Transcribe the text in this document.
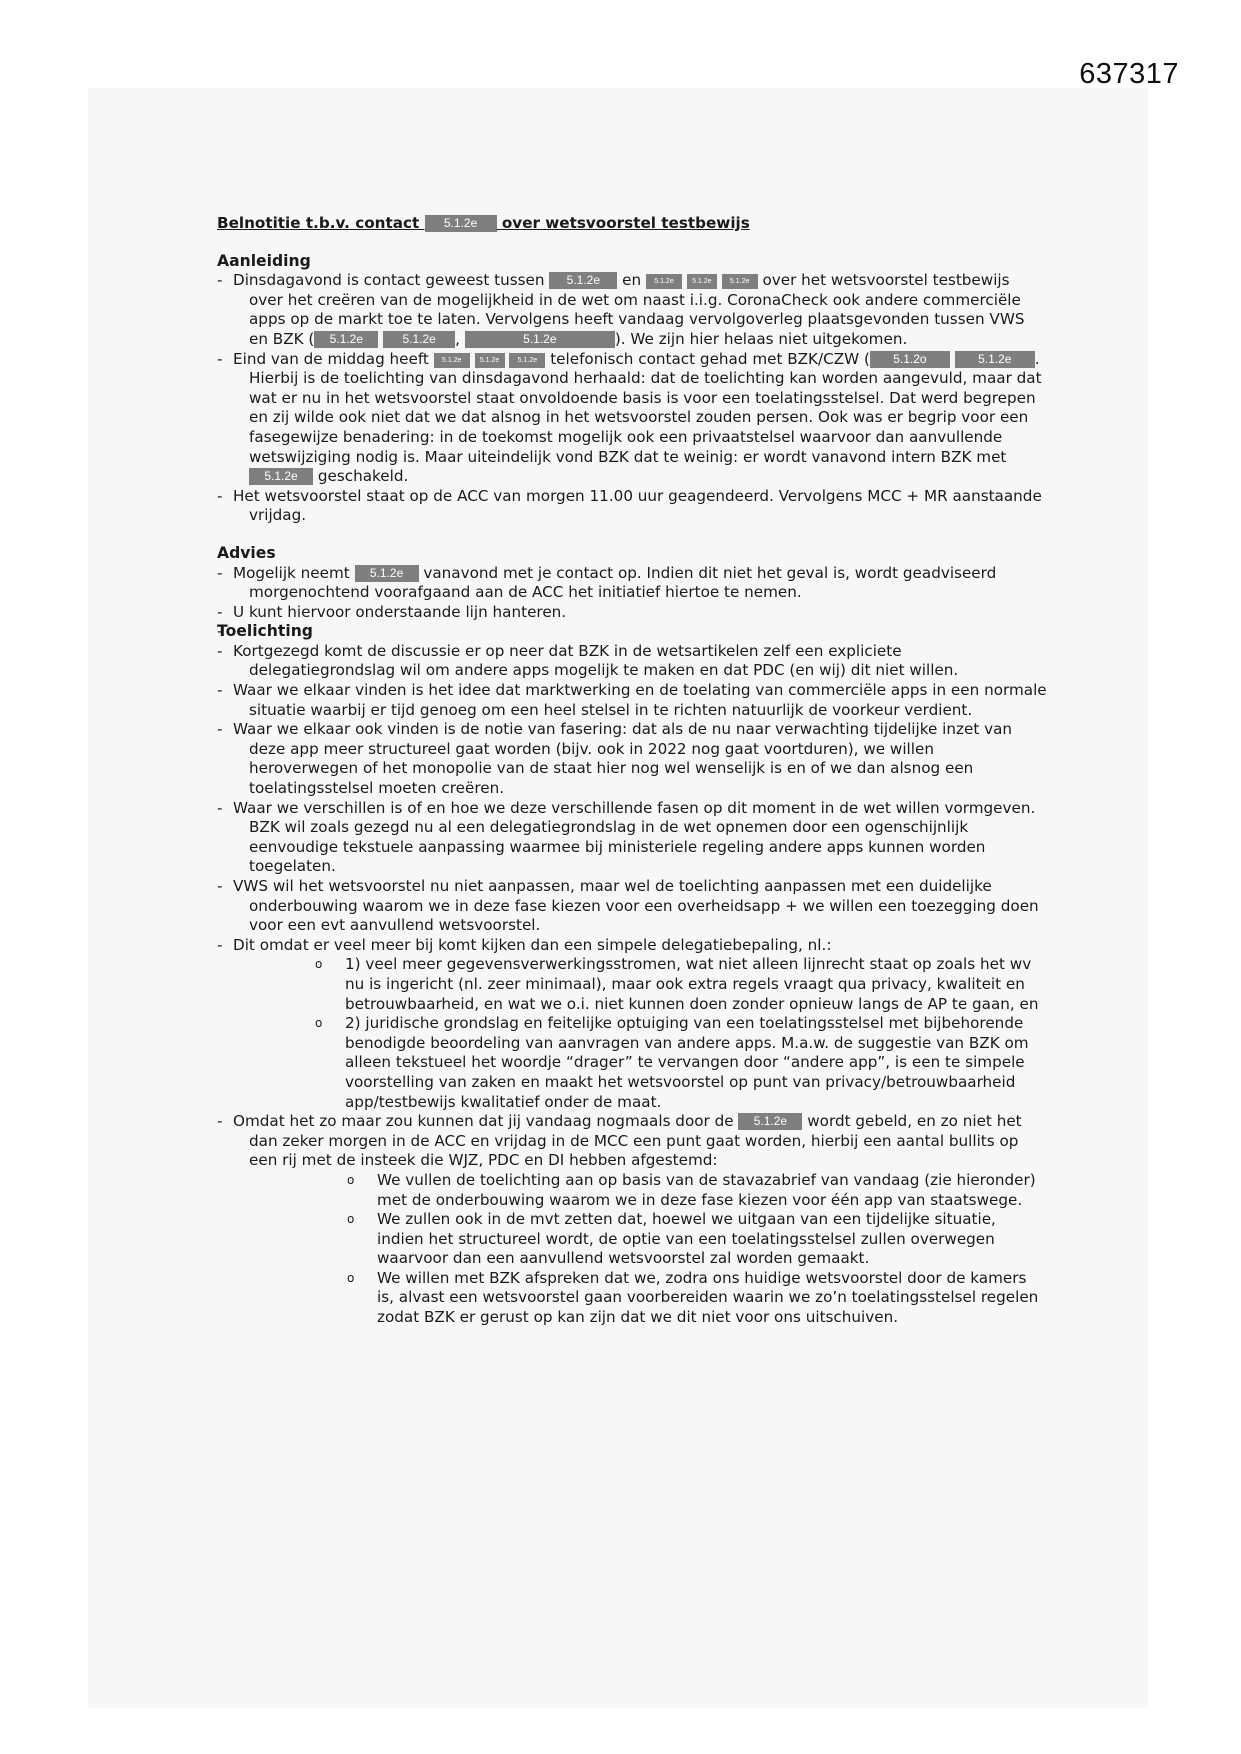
637317
Belnotitie t.b.v. contact 5.1.2e over wetsvoorstel testbewijs
Aanleiding
- Dinsdagavond is contact geweest tussen 5.1.2e en 5.1.2e	5.1.2e	5.1.2e over het wetsvoorstel testbewijs over het creëren van de mogelijkheid in de wet om naast i.i.g. CoronaCheck ook andere commerciële apps op de markt toe te laten. Vervolgens heeft vandaag vervolgoverleg plaatsgevonden tussen VWS en BZK ( 5.1.2e	5.1.2e ,	5.1.2e	). We zijn hier helaas niet uitgekomen.
- Eind van de middag heeft 5.1.2e	5.1.2e	5.1.2e telefonisch contact gehad met BZK/CZW ( 5.1.2o	5.1.2e . Hierbij is de toelichting van dinsdagavond herhaald: dat de toelichting kan worden aangevuld, maar dat wat er nu in het wetsvoorstel staat onvoldoende basis is voor een toelatingsstelsel. Dat werd begrepen en zij wilde ook niet dat we dat alsnog in het wetsvoorstel zouden persen. Ook was er begrip voor een fasegewijze benadering: in de toekomst mogelijk ook een privaatstelsel waarvoor dan aanvullende wetswijziging nodig is. Maar uiteindelijk vond BZK dat te weinig: er wordt vanavond intern BZK met 5.1.2e geschakeld.
- Het wetsvoorstel staat op de ACC van morgen 11.00 uur geagendeerd. Vervolgens MCC + MR aanstaande vrijdag.
Advies
- Mogelijk neemt 5.1.2e vanavond met je contact op. Indien dit niet het geval is, wordt geadviseerd morgenochtend voorafgaand aan de ACC het initiatief hiertoe te nemen.
- U kunt hiervoor onderstaande lijn hanteren.
Toelichting
- Kortgezegd komt de discussie er op neer dat BZK in de wetsartikelen zelf een expliciete delegatiegrondslag wil om andere apps mogelijk te maken en dat PDC (en wij) dit niet willen.
- Waar we elkaar vinden is het idee dat marktwerking en de toelating van commerciële apps in een normale situatie waarbij er tijd genoeg om een heel stelsel in te richten natuurlijk de voorkeur verdient.
- Waar we elkaar ook vinden is de notie van fasering: dat als de nu naar verwachting tijdelijke inzet van deze app meer structureel gaat worden (bijv. ook in 2022 nog gaat voortduren), we willen heroverwegen of het monopolie van de staat hier nog wel wenselijk is en of we dan alsnog een toelatingsstelsel moeten creëren.
- Waar we verschillen is of en hoe we deze verschillende fasen op dit moment in de wet willen vormgeven. BZK wil zoals gezegd nu al een delegatiegrondslag in de wet opnemen door een ogenschijnlijk eenvoudige tekstuele aanpassing waarmee bij ministeriele regeling andere apps kunnen worden toegelaten.
- VWS wil het wetsvoorstel nu niet aanpassen, maar wel de toelichting aanpassen met een duidelijke onderbouwing waarom we in deze fase kiezen voor een overheidsapp + we willen een toezegging doen voor een evt aanvullend wetsvoorstel.
- Dit omdat er veel meer bij komt kijken dan een simpele delegatiebepaling, nl.:
o 1) veel meer gegevensverwerkingsstromen, wat niet alleen lijnrecht staat op zoals het wv nu is ingericht (nl. zeer minimaal), maar ook extra regels vraagt qua privacy, kwaliteit en betrouwbaarheid, en wat we o.i. niet kunnen doen zonder opnieuw langs de AP te gaan, en
o 2) juridische grondslag en feitelijke optuiging van een toelatingsstelsel met bijbehorende benodigde beoordeling van aanvragen van andere apps. M.a.w. de suggestie van BZK om alleen tekstueel het woordje “drager” te vervangen door “andere app”, is een te simpele voorstelling van zaken en maakt het wetsvoorstel op punt van privacy/betrouwbaarheid app/testbewijs kwalitatief onder de maat.
- Omdat het zo maar zou kunnen dat jij vandaag nogmaals door de 5.1.2e wordt gebeld, en zo niet het dan zeker morgen in de ACC en vrijdag in de MCC een punt gaat worden, hierbij een aantal bullits op een rij met de insteek die WJZ, PDC en DI hebben afgestemd:
o We vullen de toelichting aan op basis van de stavazabrief van vandaag (zie hieronder) met de onderbouwing waarom we in deze fase kiezen voor één app van staatswege.
o We zullen ook in de mvt zetten dat, hoewel we uitgaan van een tijdelijke situatie, indien het structureel wordt, de optie van een toelatingsstelsel zullen overwegen waarvoor dan een aanvullend wetsvoorstel zal worden gemaakt.
o We willen met BZK afspreken dat we, zodra ons huidige wetsvoorstel door de kamers is, alvast een wetsvoorstel gaan voorbereiden waarin we zo’n toelatingsstelsel regelen zodat BZK er gerust op kan zijn dat we dit niet voor ons uitschuiven.
